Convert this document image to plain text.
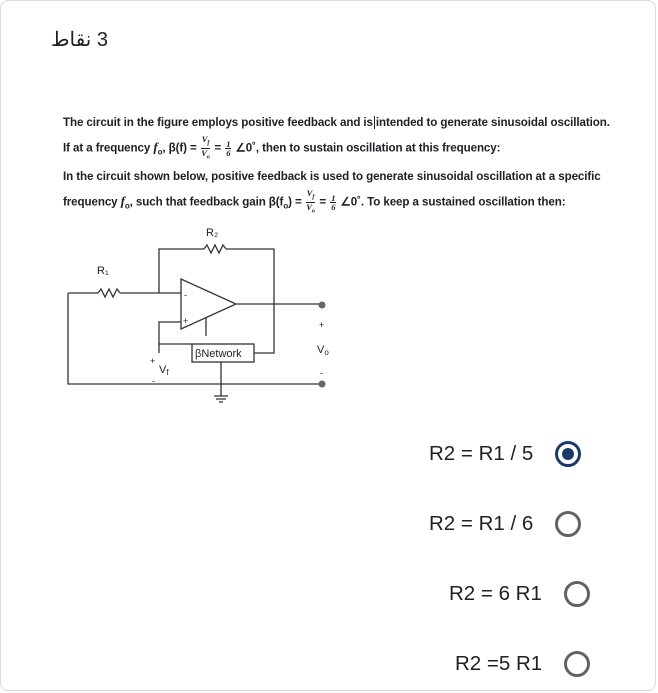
3 نقاط
The circuit in the figure employs positive feedback and is intended to generate sinusoidal oscillation.
If at a frequency $f_o$, $\beta(f) = \frac{V_f}{V_o} = \frac{1}{6}$ ∠0˚, then to sustain oscillation at this frequency:
In the circuit shown below, positive feedback is used to generate sinusoidal oscillation at a specific
frequency $f_o$, such that feedback gain $\beta(f_o) = \frac{V_f}{V_o} = \frac{1}{6}$ ∠0˚. To keep a sustained oscillation then:
R₂
R₁
-
+
βNetwork
+
Vo
-
+
Vf
-
R2 = R1 / 5
R2 = R1 / 6
R2 = 6 R1
R2 =5 R1
